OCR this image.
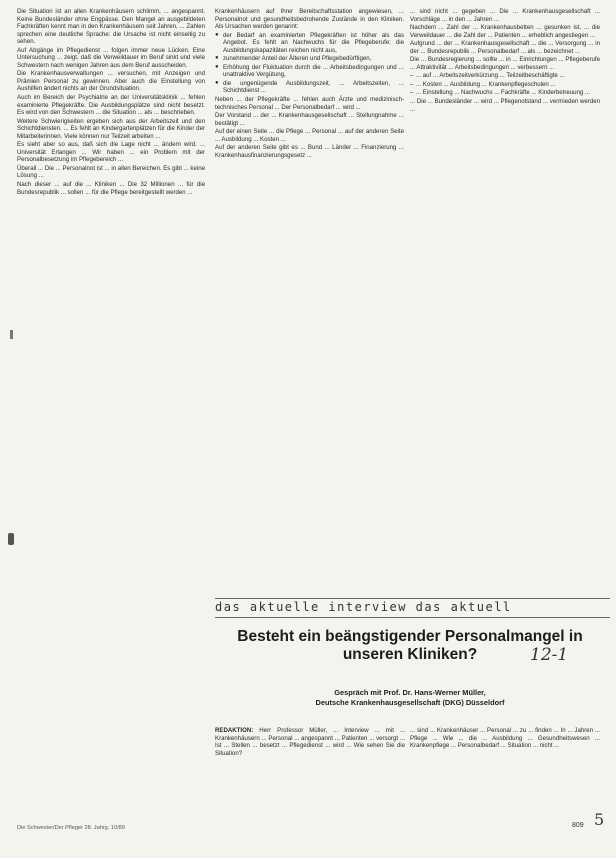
Die Situation ist an allen Krankenhäusern schlimm, ... angespannt. Keine Bundesländer ohne Engpässe. Den Mangel an ausgebildeten Fachkräften kennt man in den Krankenhäusern seit Jahren, ... Zahlen sprechen eine deutliche Sprache: die Ursache ist nicht einseitig zu sehen.

Auf Abgänge im Pflegedienst ... folgen immer neue Lücken. Eine Untersuchung ... zeigt, daß die Verweildauer im Beruf sinkt und viele Schwestern nach wenigen Jahren aus dem Beruf ausscheiden.

Die Krankenhausverwaltungen ... versuchen, mit Anzeigen und Prämien Personal zu gewinnen. Aber auch die Einstellung von Aushilfen ändert nichts an der Grundsituation.

Auch im Bereich der Psychiatrie an der Universitätsklinik ... fehlen examinierte Pflegekräfte. Die Ausbildungsplätze sind nicht besetzt. Es wird von den Schwestern ... die Situation ... als ... beschrieben.

Weitere Schwierigkeiten ergeben sich aus der Arbeitszeit und den Schichtdiensten. ... Es fehlt an Kindergartenplätzen für die Kinder der Mitarbeiterinnen. Viele können nur Teilzeit arbeiten ...

Es sieht aber so aus, daß sich die Lage nicht ... ändern wird. ... Universität Erlangen ... Wir haben ... ein Problem mit der Personalbesetzung im Pflegebereich ...

Überall ... Die ... Personalnot ist ... in allen Bereichen. Es gibt ... keine Lösung ...

Nach dieser ... auf die ... Kliniken ... Die 32 Millionen ... für die Bundesrepublik ... sollen ... für die Pflege bereitgestellt werden ...

Krankenhäusern auf Ihrer Bereitschaftsstation angewiesen, ... Personalnot und gesundheitsbedrohende Zustände in den Kliniken. Als Ursachen werden genannt:

● der Bedarf an examinierten Pflegekräften ist höher als das Angebot. Es fehlt an Nachwuchs für die Pflegeberufe; die Ausbildungskapazitäten reichen nicht aus,
● zunehmender Anteil der Älteren und Pflegebedürftigen,
● Erhöhung der Fluktuation durch die ... Arbeitsbedingungen und ... unattraktive Vergütung,
● die ungenügende Ausbildungszeit, ... Arbeitszeiten, ... Schichtdienst ...

Neben ... der Pflegekräfte ... fehlen auch Ärzte und medizinisch-technisches Personal ... Der Personalbedarf ... wird ...

Der Vorstand ... der ... Krankenhausgesellschaft ... Stellungnahme ... bestätigt ...

Auf der einen Seite ... die Pflege ... Personal ... auf der anderen Seite ... Ausbildung ... Kosten ...

Auf der anderen Seite gibt es ... Bund ... Länder ... Finanzierung ... Krankenhausfinanzierungsgesetz ...

... sind nicht ... gegeben ... Die ... Krankenhausgesellschaft ... Vorschläge ... in den ... Jahren ...

Nachdem ... Zahl der ... Krankenhausbetten ... gesunken ist, ... die Verweildauer ... die Zahl der ... Patienten ... erheblich angestiegen ...

Aufgrund ... der ... Krankenhausgesellschaft ... die ... Versorgung ... in der ... Bundesrepublik ... Personalbedarf ... als ... bezeichnet ...

Die ... Bundesregierung ... sollte ... in ... Einrichtungen ... Pflegeberufe ... Attraktivität ... Arbeitsbedingungen ... verbessern ...

– ... auf ... Arbeitszeitverkürzung ... Teilzeitbeschäftigte ...
– ... Kosten ... Ausbildung ... Krankenpflegeschulen ...
– ... Einstellung ... Nachwuchs ... Fachkräfte ... Kinderbetreuung ...

... Die ... Bundesländer ... wird ... Pflegenotstand ... vermieden werden ...

das aktuelle interview das aktuell
Besteht ein beängstigender Personalmangel in unseren Kliniken?	12-1
Gespräch mit Prof. Dr. Hans-Werner Müller,
Deutsche Krankenhausgesellschaft (DKG) Düsseldorf
REDAKTION: Herr Professor Müller, ... Interview ... mit ... Krankenhäusern ... Personal ... angespannt ... Patienten ... versorgt ... Ist ... Stellen ... besetzt ... Pflegedienst ... wird ... Wie sehen Sie die Situation?
... sind ... Krankenhäuser ... Personal ... zu ... finden ... In ... Jahren ... Pflege ... Wie ... die ... Ausbildung ... Gesundheitswesen ... Krankenpflege ... Personalbedarf ... Situation ... nicht ...
Die Schwester/Der Pfleger 28. Jahrg. 10/89	809 5
